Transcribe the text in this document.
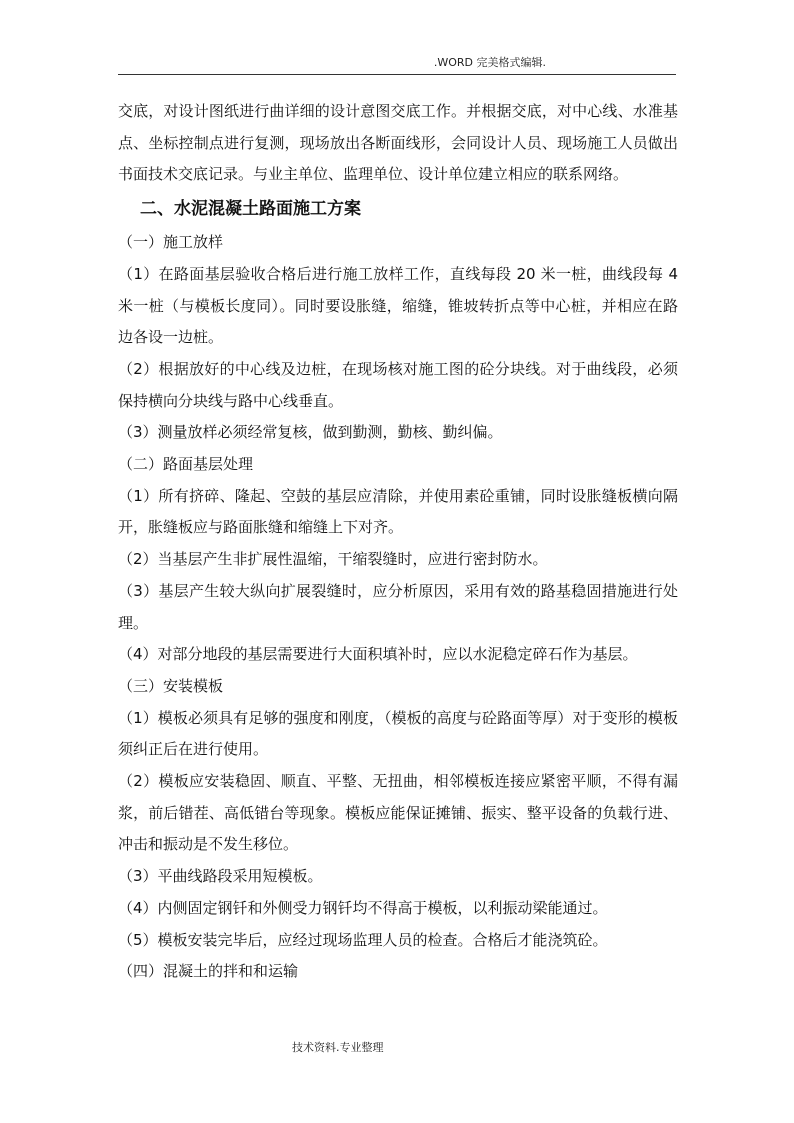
.WORD 完美格式编辑.

交底，对设计图纸进行曲详细的设计意图交底工作。并根据交底，对中心线、水准基点、坐标控制点进行复测，现场放出各断面线形，会同设计人员、现场施工人员做出书面技术交底记录。与业主单位、监理单位、设计单位建立相应的联系网络。

二、水泥混凝土路面施工方案

（一）施工放样

（1）在路面基层验收合格后进行施工放样工作，直线每段 20 米一桩，曲线段每 4 米一桩（与模板长度同）。同时要设胀缝，缩缝，锥坡转折点等中心桩，并相应在路边各设一边桩。

（2）根据放好的中心线及边桩，在现场核对施工图的砼分块线。对于曲线段，必须保持横向分块线与路中心线垂直。

（3）测量放样必须经常复核，做到勤测，勤核、勤纠偏。

（二）路面基层处理

（1）所有挤碎、隆起、空鼓的基层应清除，并使用素砼重铺，同时设胀缝板横向隔开，胀缝板应与路面胀缝和缩缝上下对齐。

（2）当基层产生非扩展性温缩，干缩裂缝时，应进行密封防水。

（3）基层产生较大纵向扩展裂缝时，应分析原因，采用有效的路基稳固措施进行处理。

（4）对部分地段的基层需要进行大面积填补时，应以水泥稳定碎石作为基层。

（三）安装模板

（1）模板必须具有足够的强度和刚度，（模板的高度与砼路面等厚）对于变形的模板须纠正后在进行使用。

（2）模板应安装稳固、顺直、平整、无扭曲，相邻模板连接应紧密平顺，不得有漏浆，前后错茬、高低错台等现象。模板应能保证摊铺、振实、整平设备的负载行进、冲击和振动是不发生移位。

（3）平曲线路段采用短模板。

（4）内侧固定钢钎和外侧受力钢钎均不得高于模板，以利振动梁能通过。

（5）模板安装完毕后，应经过现场监理人员的检查。合格后才能浇筑砼。

（四）混凝土的拌和和运输

技术资料.专业整理
